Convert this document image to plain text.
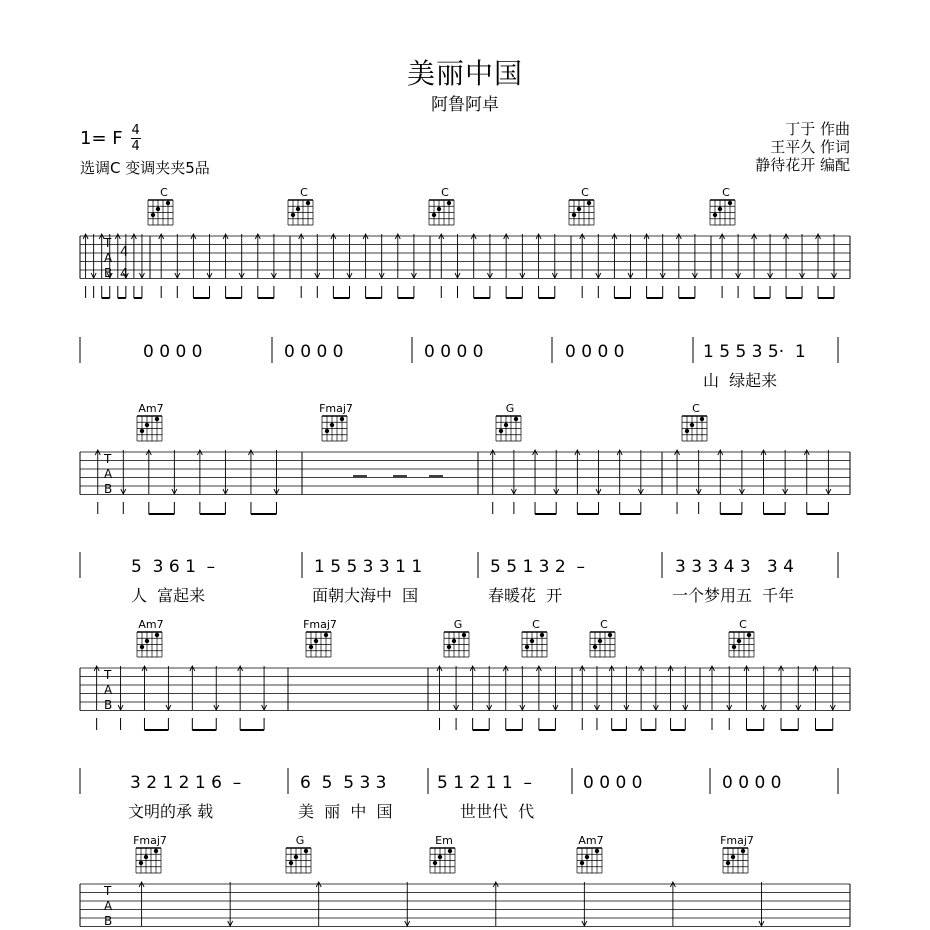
美丽中国
阿鲁阿卓
1= F 4
4
选调C 变调夹夹5品
丁于 作曲
王平久 作词
静待花开 编配
C	C	C	C	C
Am7	Fmaj7	G	C
Am7	Fmaj7	G	C	C	C
Fmaj7	G	Em	Am7	Fmaj7
0 0 0 0	0 0 0 0	0 0 0 0	0 0 0 0	1 5 5 3 5·  1
山  绿起来
5  3 6 1  –	1 5 5 3 3 1 1	5 5 1 3 2  –	3 3 3 4 3   3 4
人  富起来	面朝大海中  国	春暖花  开	一个梦用五  千年
3 2 1 2 1 6  –	6  5  5 3 3	5 1 2 1 1  –	0 0 0 0	0 0 0 0
文明的承 载	美  丽  中  国	世世代  代
T
A
B
4
4
T
A
B
T
A
B
T
A
B
